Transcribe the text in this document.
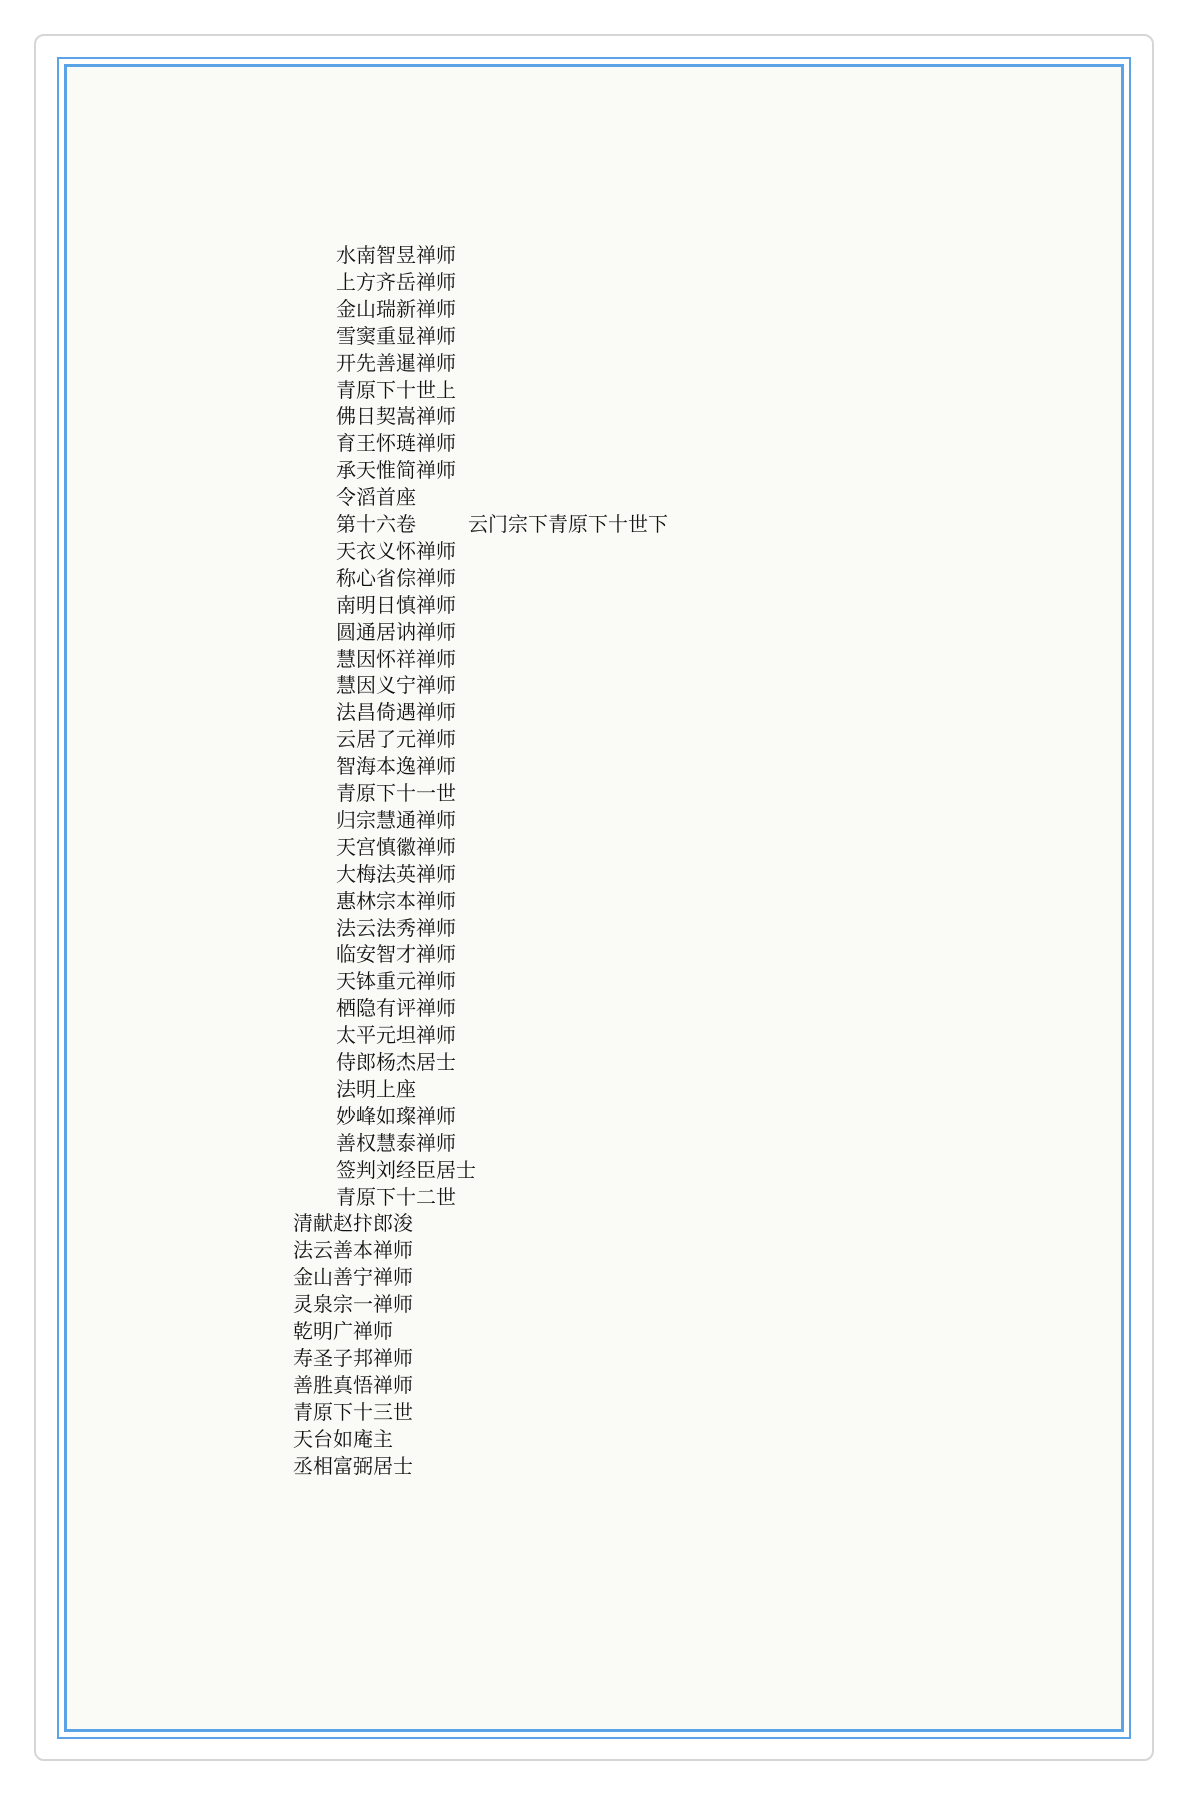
水南智昱禅师
上方齐岳禅师
金山瑞新禅师
雪窦重显禅师
开先善暹禅师
青原下十世上
佛日契嵩禅师
育王怀琏禅师
承天惟简禅师
令滔首座
第十六卷
天衣义怀禅师
称心省倧禅师
南明日慎禅师
圆通居讷禅师
慧因怀祥禅师
慧因义宁禅师
法昌倚遇禅师
云居了元禅师
智海本逸禅师
青原下十一世
归宗慧通禅师
天宫慎徽禅师
大梅法英禅师
惠林宗本禅师
法云法秀禅师
临安智才禅师
天钵重元禅师
栖隐有评禅师
太平元坦禅师
侍郎杨杰居士
法明上座
妙峰如璨禅师
善权慧泰禅师
签判刘经臣居士
青原下十二世
清献赵抃郎浚
法云善本禅师
金山善宁禅师
灵泉宗一禅师
乾明广禅师
寿圣子邦禅师
善胜真悟禅师
青原下十三世
天台如庵主
丞相富弼居士
云门宗下青原下十世下
